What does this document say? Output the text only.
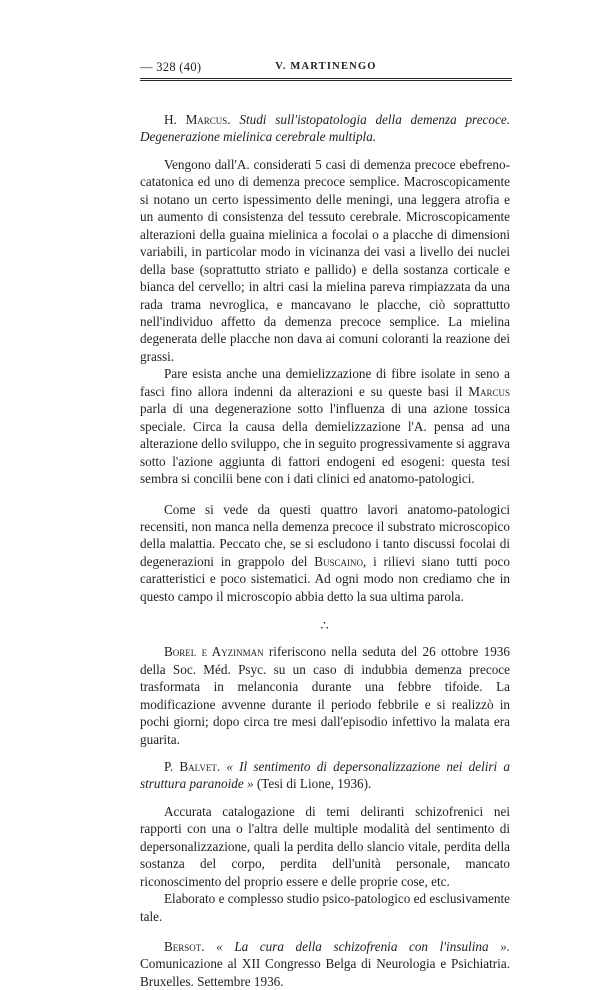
— 328 (40)	V. MARTINENGO

H. Marcus. Studi sull'istopatologia della demenza precoce. Degenerazione mielinica cerebrale multipla.

Vengono dall'A. considerati 5 casi di demenza precoce ebefreno-catatonica ed uno di demenza precoce semplice. Macroscopicamente si notano un certo ispessimento delle meningi, una leggera atrofia e un aumento di consistenza del tessuto cerebrale. Microscopicamente alterazioni della guaina mielinica a focolai o a placche di dimensioni variabili, in particolar modo in vicinanza dei vasi a livello dei nuclei della base (soprattutto striato e pallido) e della sostanza corticale e bianca del cervello; in altri casi la mielina pareva rimpiazzata da una rada trama nevroglica, e mancavano le placche, ciò soprattutto nell'individuo affetto da demenza precoce semplice. La mielina degenerata delle placche non dava ai comuni coloranti la reazione dei grassi.

Pare esista anche una demielizzazione di fibre isolate in seno a fasci fino allora indenni da alterazioni e su queste basi il Marcus parla di una degenerazione sotto l'influenza di una azione tossica speciale. Circa la causa della demielizzazione l'A. pensa ad una alterazione dello sviluppo, che in seguito progressivamente si aggrava sotto l'azione aggiunta di fattori endogeni ed esogeni: questa tesi sembra si concilii bene con i dati clinici ed anatomo-patologici.

Come si vede da questi quattro lavori anatomo-patologici recensiti, non manca nella demenza precoce il substrato microscopico della malattia. Peccato che, se si escludono i tanto discussi focolai di degenerazioni in grappolo del Buscaino, i rilievi siano tutti poco caratteristici e poco sistematici. Ad ogni modo non crediamo che in questo campo il microscopio abbia detto la sua ultima parola.

∴

Borel e Ayzinman riferiscono nella seduta del 26 ottobre 1936 della Soc. Méd. Psyc. su un caso di indubbia demenza precoce trasformata in melanconia durante una febbre tifoide. La modificazione avvenne durante il periodo febbrile e si realizzò in pochi giorni; dopo circa tre mesi dall'episodio infettivo la malata era guarita.

P. Balvet. « Il sentimento di depersonalizzazione nei deliri a struttura paranoide » (Tesi di Lione, 1936).

Accurata catalogazione di temi deliranti schizofrenici nei rapporti con una o l'altra delle multiple modalità del sentimento di depersonalizzazione, quali la perdita dello slancio vitale, perdita della sostanza del corpo, perdita dell'unità personale, mancato riconoscimento del proprio essere e delle proprie cose, etc.

Elaborato e complesso studio psico-patologico ed esclusivamente tale.

Bersot. « La cura della schizofrenia con l'insulina ». Comunicazione al XII Congresso Belga di Neurologia e Psichiatria. Bruxelles. Settembre 1936.
